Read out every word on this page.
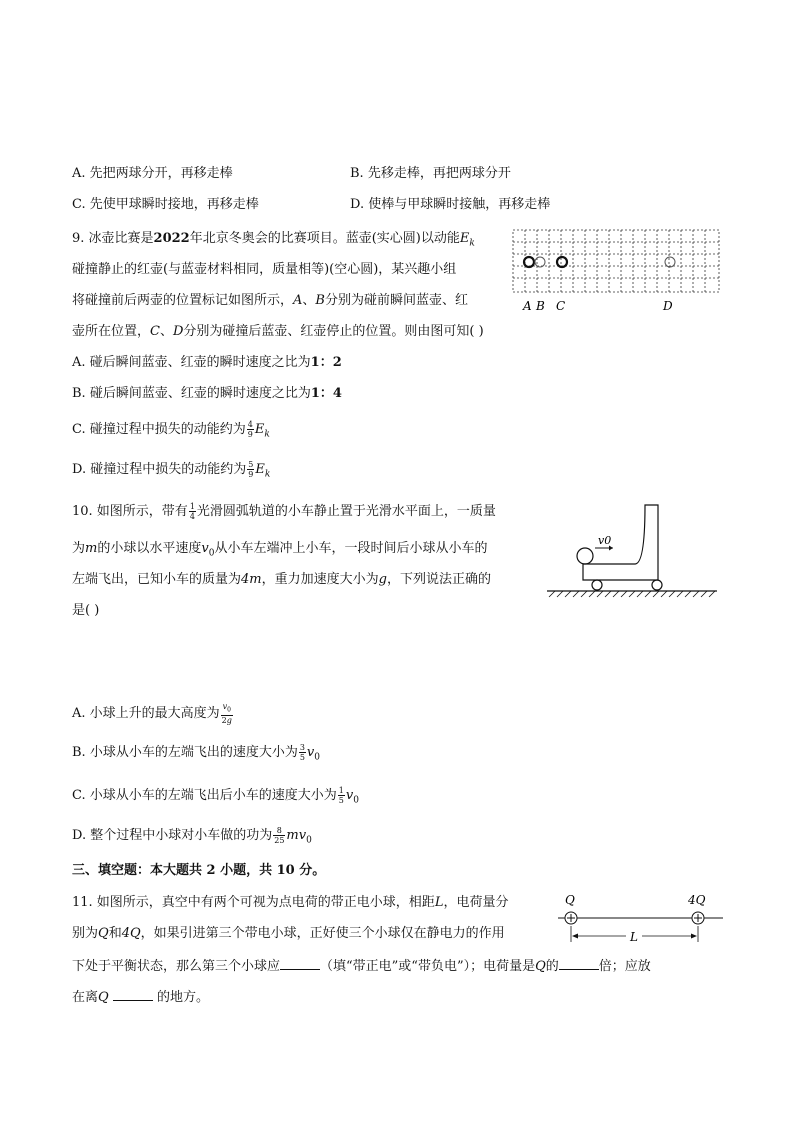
A. 先把两球分开，再移走棒	B. 先移走棒，再把两球分开
C. 先使甲球瞬时接地，再移走棒	D. 使棒与甲球瞬时接触，再移走棒
9. 冰壶比赛是2022年北京冬奥会的比赛项目。蓝壶(实心圆)以动能$E_k$
碰撞静止的红壶(与蓝壶材料相同，质量相等)(空心圆)，某兴趣小组
将碰撞前后两壶的位置标记如图所示，A、B分别为碰前瞬间蓝壶、红
壶所在位置，C、D分别为碰撞后蓝壶、红壶停止的位置。则由图可知( )
A B C	D
A. 碰后瞬间蓝壶、红壶的瞬时速度之比为1：2
B. 碰后瞬间蓝壶、红壶的瞬时速度之比为1：4
C. 碰撞过程中损失的动能约为 $\frac{4}{9} E_k$
D. 碰撞过程中损失的动能约为 $\frac{5}{9} E_k$
10. 如图所示，带有 $\frac{1}{4}$ 光滑圆弧轨道的小车静止置于光滑水平面上，一质量
为m的小球以水平速度$v_0$从小车左端冲上小车，一段时间后小球从小车的
左端飞出，已知小车的质量为4m，重力加速度大小为g，下列说法正确的
是( )
v0
A. 小球上升的最大高度为 $\frac{v_0}{2g}$
B. 小球从小车的左端飞出的速度大小为 $\frac{3}{5} v_0$
C. 小球从小车的左端飞出后小车的速度大小为 $\frac{1}{5} v_0$
D. 整个过程中小球对小车做的功为 $\frac{8}{25} mv_0$
三、填空题：本大题共 2 小题，共 10 分。
11. 如图所示，真空中有两个可视为点电荷的带正电小球，相距L，电荷量分
别为Q和4Q，如果引进第三个带电小球，正好使三个小球仅在静电力的作用
下处于平衡状态，那么第三个小球应	（填“带正电”或“带负电”）；电荷量是Q的	倍；应放
在离Q	的地方。
Q	4Q
L
